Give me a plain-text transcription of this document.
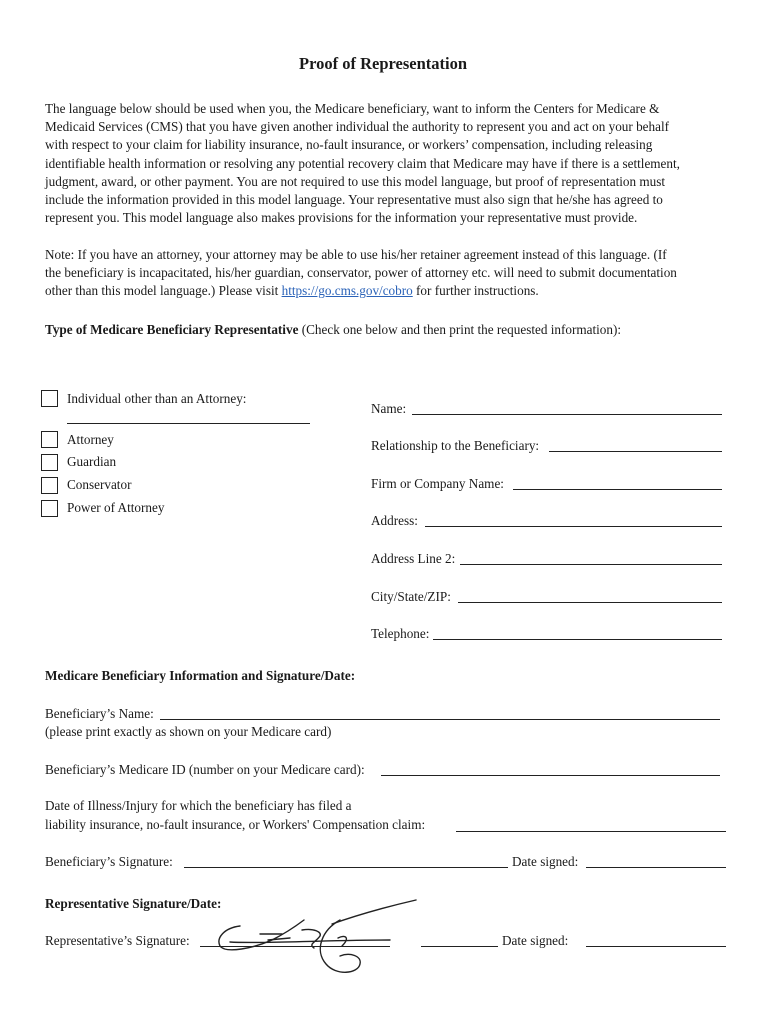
Proof of Representation

The language below should be used when you, the Medicare beneficiary, want to inform the Centers for Medicare &

Medicaid Services (CMS) that you have given another individual the authority to represent you and act on your behalf

with respect to your claim for liability insurance, no-fault insurance, or workers’ compensation, including releasing

identifiable health information or resolving any potential recovery claim that Medicare may have if there is a settlement,

judgment, award, or other payment. You are not required to use this model language, but proof of representation must

include the information provided in this model language. Your representative must also sign that he/she has agreed to

represent you. This model language also makes provisions for the information your representative must provide.

Note: If you have an attorney, your attorney may be able to use his/her retainer agreement instead of this language. (If

the beneficiary is incapacitated, his/her guardian, conservator, power of attorney etc. will need to submit documentation

other than this model language.) Please visit https://go.cms.gov/cobro for further instructions.

Type of Medicare Beneficiary Representative (Check one below and then print the requested information):
Individual other than an Attorney:
Attorney
Guardian
Conservator
Power of Attorney
Name:
Relationship to the Beneficiary:
Firm or Company Name:
Address:
Address Line 2:
City/State/ZIP:
Telephone:
Medicare Beneficiary Information and Signature/Date:
Beneficiary’s Name:
(please print exactly as shown on your Medicare card)
Beneficiary’s Medicare ID (number on your Medicare card):
Date of Illness/Injury for which the beneficiary has filed a
liability insurance, no-fault insurance, or Workers' Compensation claim:
Beneficiary’s Signature:	Date signed:
Representative Signature/Date:
Representative’s Signature:	Date signed:
